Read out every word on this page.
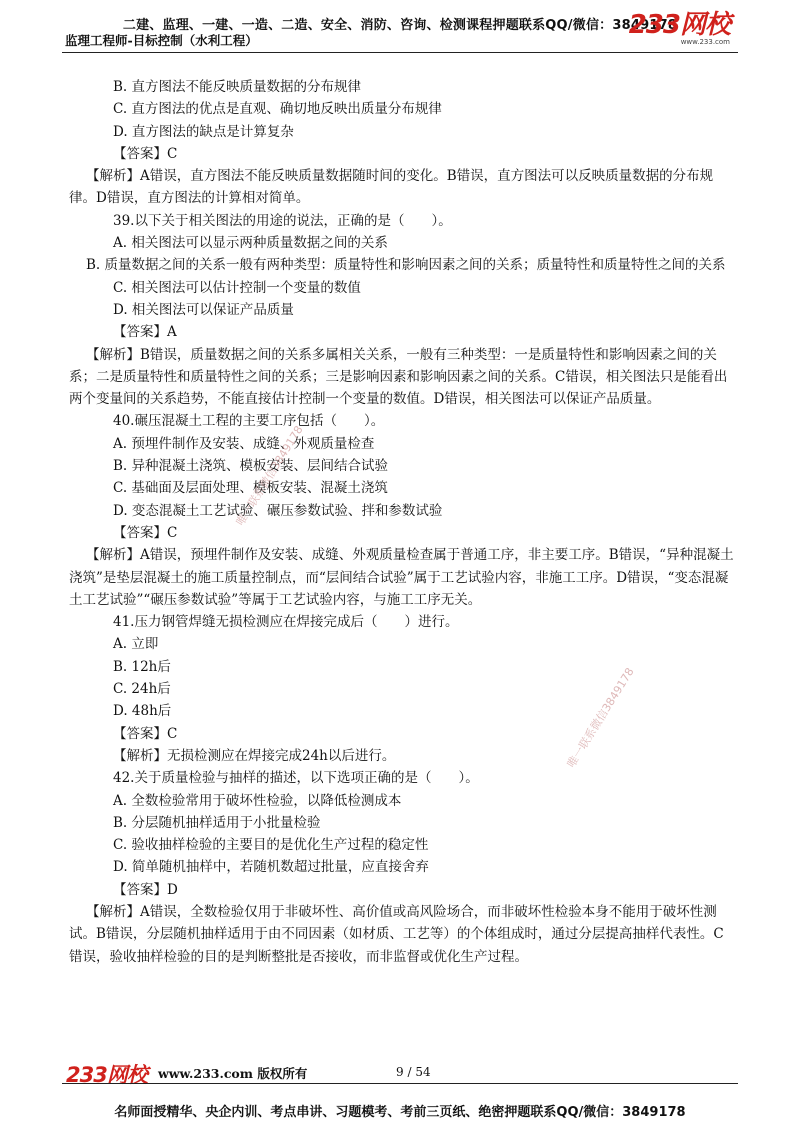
二建、监理、一建、一造、二造、安全、消防、咨询、检测课程押题联系QQ/微信：3849178
监理工程师-目标控制（水利工程）
233网校
www.233.com

B. 直方图法不能反映质量数据的分布规律

C. 直方图法的优点是直观、确切地反映出质量分布规律

D. 直方图法的缺点是计算复杂

【答案】C

【解析】A错误，直方图法不能反映质量数据随时间的变化。B错误，直方图法可以反映质量数据的分布规律。D错误，直方图法的计算相对简单。

39.以下关于相关图法的用途的说法，正确的是（　　）。

A. 相关图法可以显示两种质量数据之间的关系

B. 质量数据之间的关系一般有两种类型：质量特性和影响因素之间的关系；质量特性和质量特性之间的关系

C. 相关图法可以估计控制一个变量的数值

D. 相关图法可以保证产品质量

【答案】A

【解析】B错误，质量数据之间的关系多属相关关系，一般有三种类型：一是质量特性和影响因素之间的关系；二是质量特性和质量特性之间的关系；三是影响因素和影响因素之间的关系。C错误，相关图法只是能看出两个变量间的关系趋势，不能直接估计控制一个变量的数值。D错误，相关图法可以保证产品质量。

40.碾压混凝土工程的主要工序包括（　　）。

A. 预埋件制作及安装、成缝、外观质量检查

B. 异种混凝土浇筑、模板安装、层间结合试验

C. 基础面及层面处理、模板安装、混凝土浇筑

D. 变态混凝土工艺试验、碾压参数试验、拌和参数试验

【答案】C

【解析】A错误，预埋件制作及安装、成缝、外观质量检查属于普通工序，非主要工序。B错误，“异种混凝土浇筑”是垫层混凝土的施工质量控制点，而“层间结合试验”属于工艺试验内容，非施工工序。D错误，“变态混凝土工艺试验”“碾压参数试验”等属于工艺试验内容，与施工工序无关。

41.压力钢管焊缝无损检测应在焊接完成后（　　）进行。

A. 立即

B. 12h后

C. 24h后

D. 48h后

【答案】C

【解析】无损检测应在焊接完成24h以后进行。

42.关于质量检验与抽样的描述，以下选项正确的是（　　）。

A. 全数检验常用于破坏性检验，以降低检测成本

B. 分层随机抽样适用于小批量检验

C. 验收抽样检验的主要目的是优化生产过程的稳定性

D. 简单随机抽样中，若随机数超过批量，应直接舍弃

【答案】D

【解析】A错误，全数检验仅用于非破坏性、高价值或高风险场合，而非破坏性检验本身不能用于破坏性测试。B错误，分层随机抽样适用于由不同因素（如材质、工艺等）的个体组成时，通过分层提高抽样代表性。C错误，验收抽样检验的目的是判断整批是否接收，而非监督或优化生产过程。

唯一联系微信3849178
唯一联系微信3849178
233网校 www.233.com 版权所有	9 / 54
名师面授精华、央企内训、考点串讲、习题模考、考前三页纸、绝密押题联系QQ/微信：3849178
